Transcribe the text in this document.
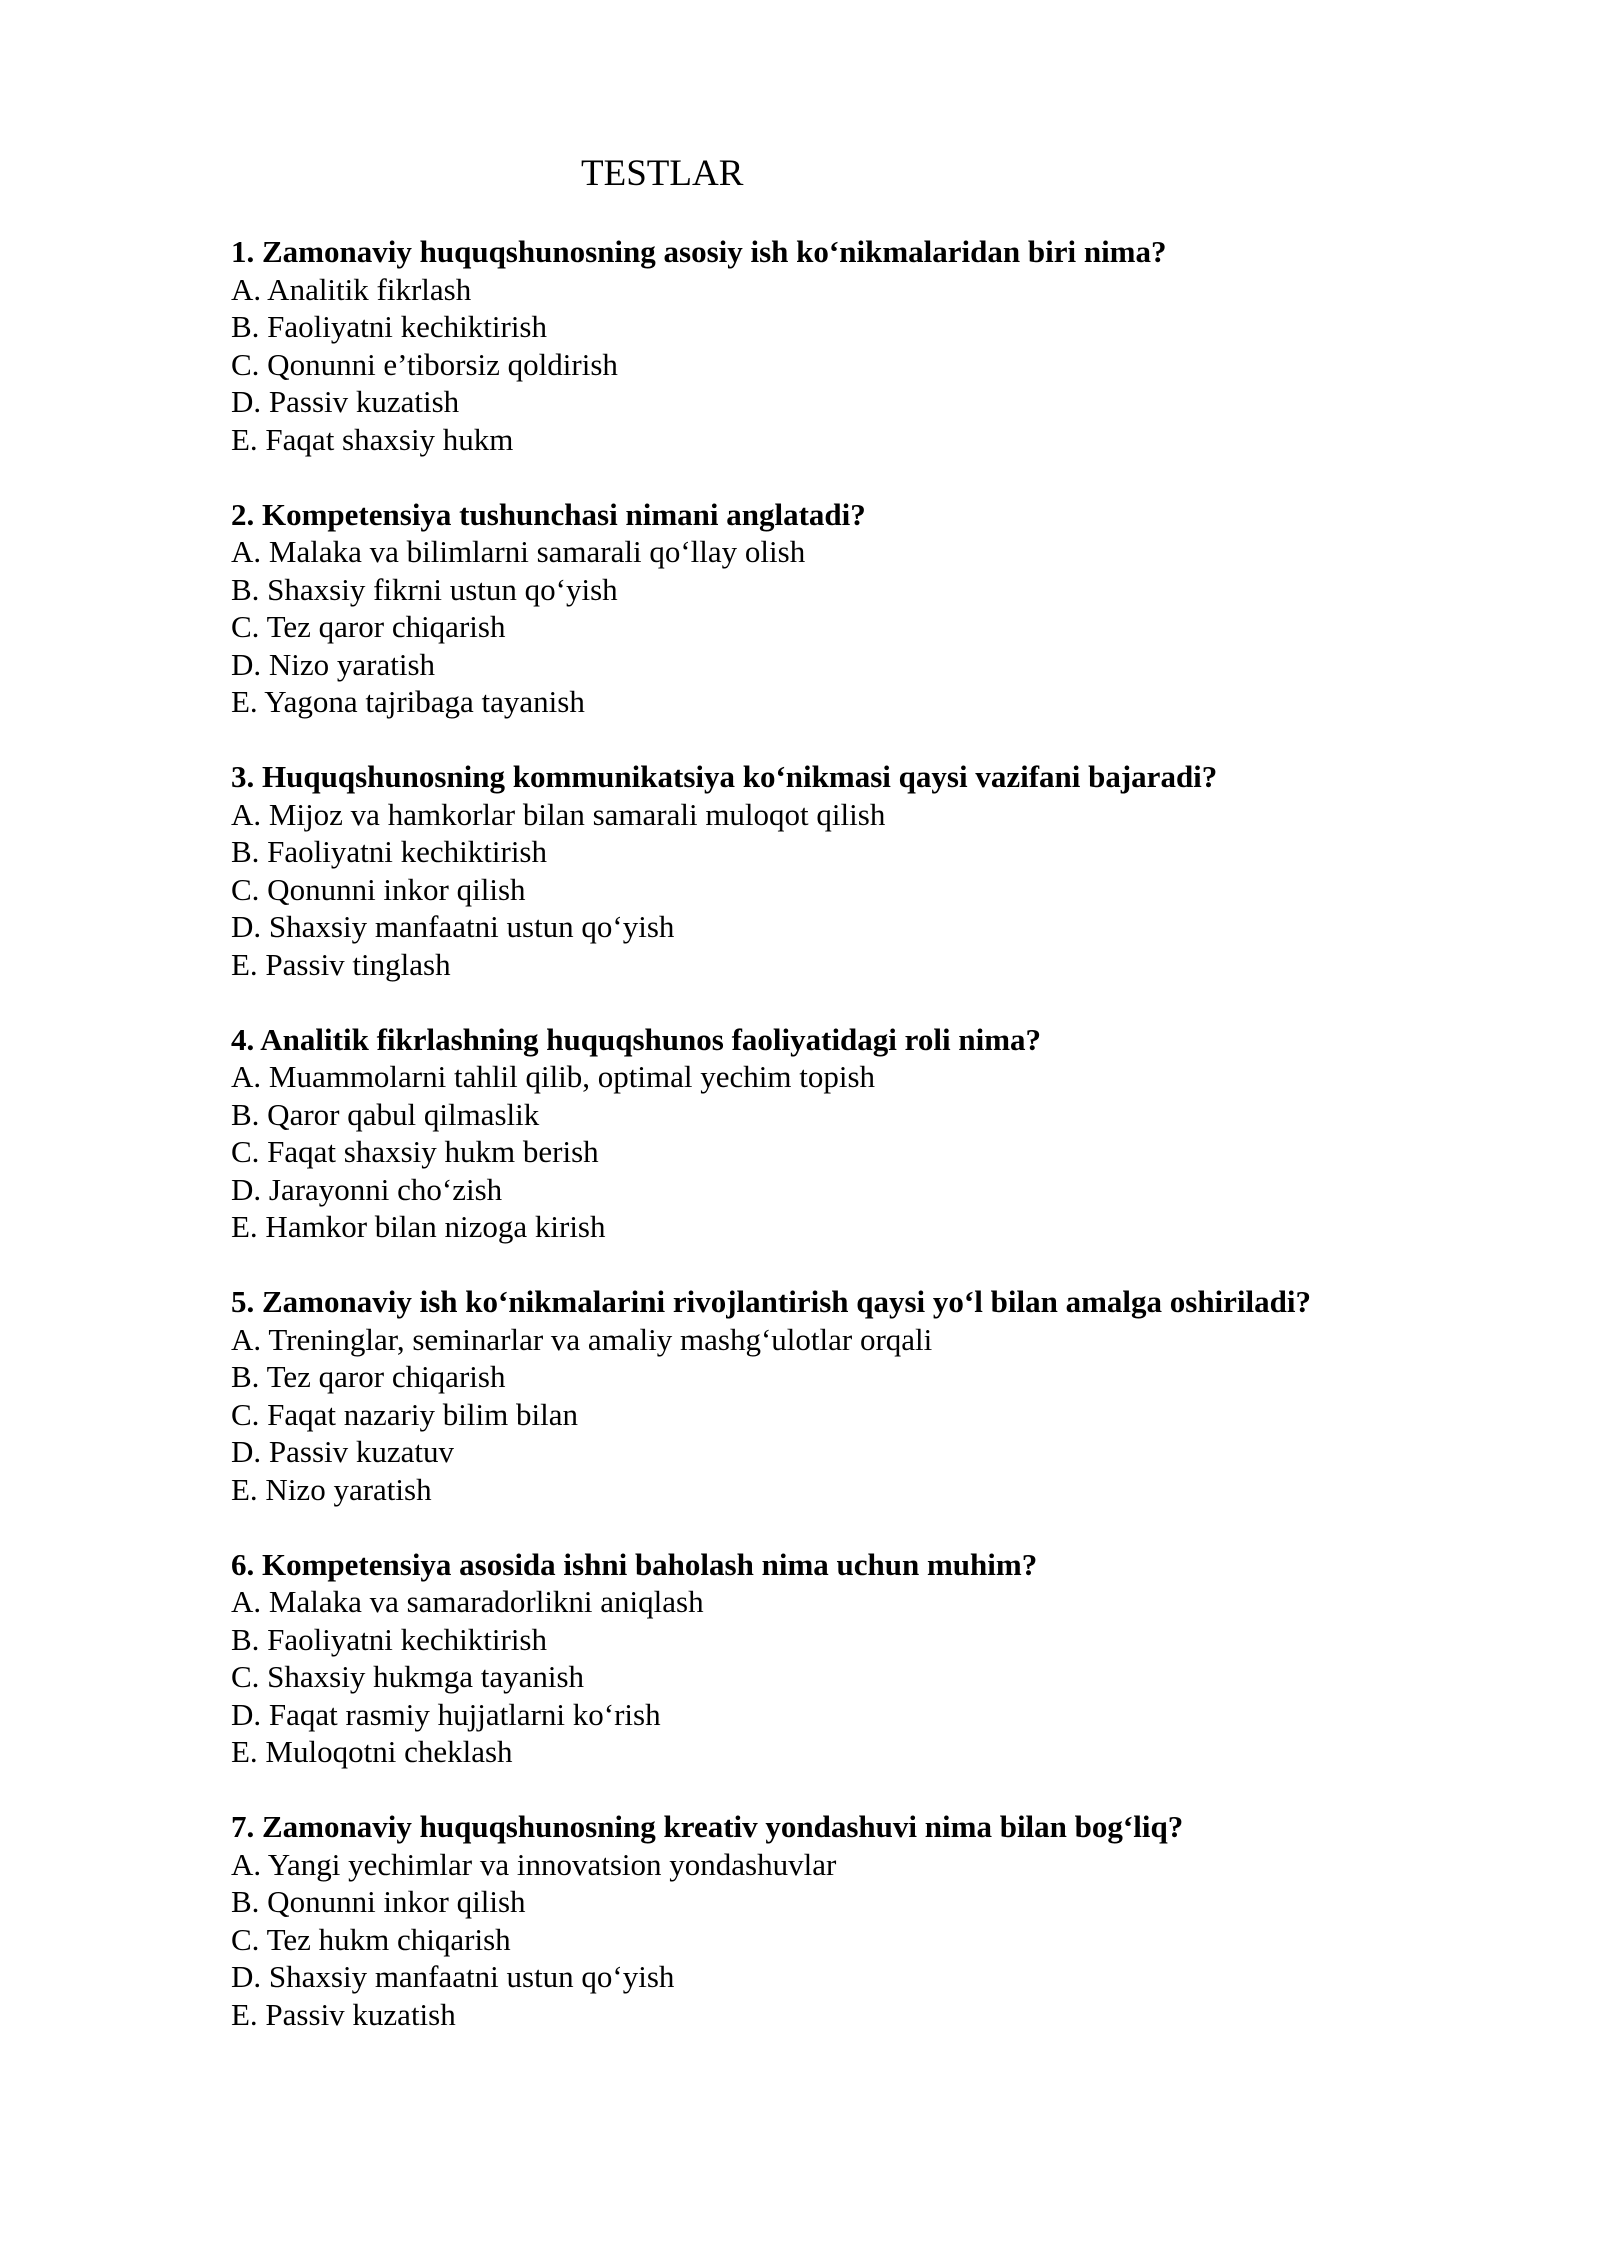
TESTLAR
1. Zamonaviy huquqshunosning asosiy ish ko‘nikmalaridan biri nima?
A. Analitik fikrlash
B. Faoliyatni kechiktirish
C. Qonunni e’tiborsiz qoldirish
D. Passiv kuzatish
E. Faqat shaxsiy hukm
2. Kompetensiya tushunchasi nimani anglatadi?
A. Malaka va bilimlarni samarali qo‘llay olish
B. Shaxsiy fikrni ustun qo‘yish
C. Tez qaror chiqarish
D. Nizo yaratish
E. Yagona tajribaga tayanish
3. Huquqshunosning kommunikatsiya ko‘nikmasi qaysi vazifani bajaradi?
A. Mijoz va hamkorlar bilan samarali muloqot qilish
B. Faoliyatni kechiktirish
C. Qonunni inkor qilish
D. Shaxsiy manfaatni ustun qo‘yish
E. Passiv tinglash
4. Analitik fikrlashning huquqshunos faoliyatidagi roli nima?
A. Muammolarni tahlil qilib, optimal yechim topish
B. Qaror qabul qilmaslik
C. Faqat shaxsiy hukm berish
D. Jarayonni cho‘zish
E. Hamkor bilan nizoga kirish
5. Zamonaviy ish ko‘nikmalarini rivojlantirish qaysi yo‘l bilan amalga oshiriladi?
A. Treninglar, seminarlar va amaliy mashg‘ulotlar orqali
B. Tez qaror chiqarish
C. Faqat nazariy bilim bilan
D. Passiv kuzatuv
E. Nizo yaratish
6. Kompetensiya asosida ishni baholash nima uchun muhim?
A. Malaka va samaradorlikni aniqlash
B. Faoliyatni kechiktirish
C. Shaxsiy hukmga tayanish
D. Faqat rasmiy hujjatlarni ko‘rish
E. Muloqotni cheklash
7. Zamonaviy huquqshunosning kreativ yondashuvi nima bilan bog‘liq?
A. Yangi yechimlar va innovatsion yondashuvlar
B. Qonunni inkor qilish
C. Tez hukm chiqarish
D. Shaxsiy manfaatni ustun qo‘yish
E. Passiv kuzatish
